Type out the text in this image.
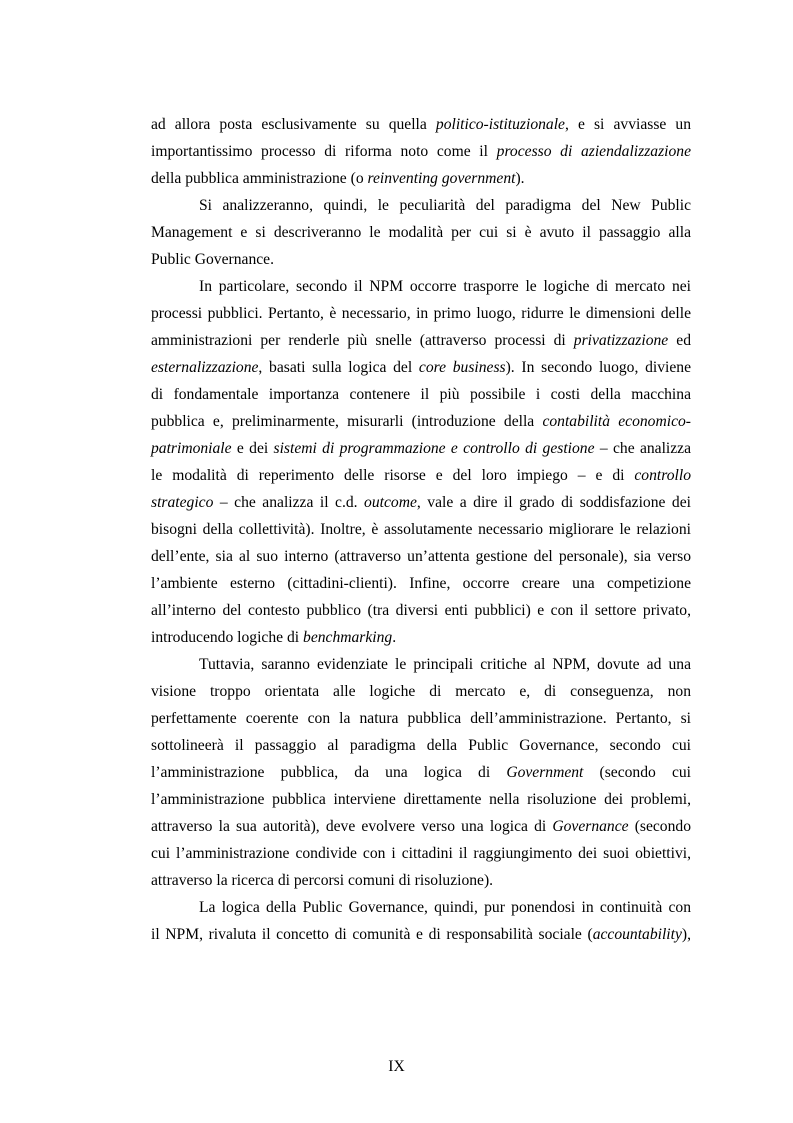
ad allora posta esclusivamente su quella politico-istituzionale, e si avviasse un
importantissimo processo di riforma noto come il processo di aziendalizzazione
della pubblica amministrazione (o reinventing government).
Si analizzeranno, quindi, le peculiarità del paradigma del New Public
Management e si descriveranno le modalità per cui si è avuto il passaggio alla
Public Governance.
In particolare, secondo il NPM occorre trasporre le logiche di mercato nei
processi pubblici. Pertanto, è necessario, in primo luogo, ridurre le dimensioni delle
amministrazioni per renderle più snelle (attraverso processi di privatizzazione ed
esternalizzazione, basati sulla logica del core business). In secondo luogo, diviene
di fondamentale importanza contenere il più possibile i costi della macchina
pubblica e, preliminarmente, misurarli (introduzione della contabilità economico-
patrimoniale e dei sistemi di programmazione e controllo di gestione – che analizza
le modalità di reperimento delle risorse e del loro impiego – e di controllo
strategico – che analizza il c.d. outcome, vale a dire il grado di soddisfazione dei
bisogni della collettività). Inoltre, è assolutamente necessario migliorare le relazioni
dell’ente, sia al suo interno (attraverso un’attenta gestione del personale), sia verso
l’ambiente esterno (cittadini-clienti). Infine, occorre creare una competizione
all’interno del contesto pubblico (tra diversi enti pubblici) e con il settore privato,
introducendo logiche di benchmarking.
Tuttavia, saranno evidenziate le principali critiche al NPM, dovute ad una
visione troppo orientata alle logiche di mercato e, di conseguenza, non
perfettamente coerente con la natura pubblica dell’amministrazione. Pertanto, si
sottolineerà il passaggio al paradigma della Public Governance, secondo cui
l’amministrazione pubblica, da una logica di Government (secondo cui
l’amministrazione pubblica interviene direttamente nella risoluzione dei problemi,
attraverso la sua autorità), deve evolvere verso una logica di Governance (secondo
cui l’amministrazione condivide con i cittadini il raggiungimento dei suoi obiettivi,
attraverso la ricerca di percorsi comuni di risoluzione).
La logica della Public Governance, quindi, pur ponendosi in continuità con
il NPM, rivaluta il concetto di comunità e di responsabilità sociale (accountability),
IX
